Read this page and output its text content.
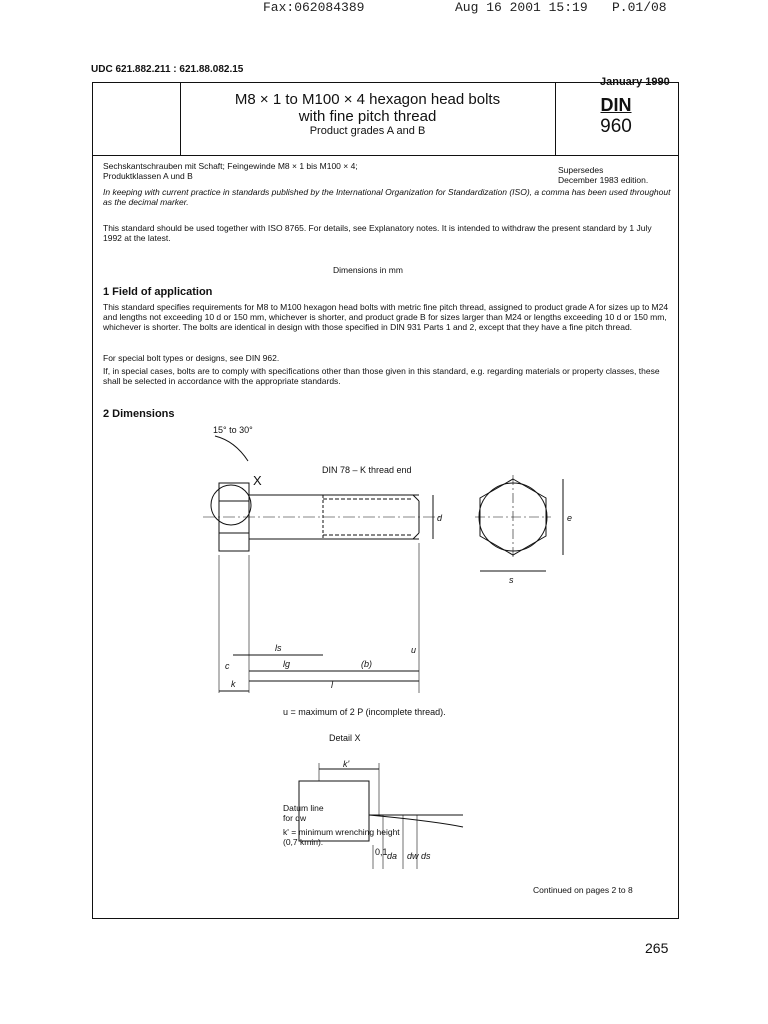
Fax:062084389	Aug 16 2001 15:19 P.01/08
UDC 621.882.211 : 621.88.082.15
January 1990
M8 × 1 to M100 × 4 hexagon head bolts
with fine pitch thread
Product grades A and B
DIN
960
Sechskantschrauben mit Schaft; Feingewinde M8 × 1 bis M100 × 4; Produktklassen A und B
Supersedes
December 1983 edition.
In keeping with current practice in standards published by the International Organization for Standardization (ISO), a comma has been used throughout as the decimal marker.
This standard should be used together with ISO 8765. For details, see Explanatory notes. It is intended to withdraw the present standard by 1 July 1992 at the latest.
Dimensions in mm
1 Field of application
This standard specifies requirements for M8 to M100 hexagon head bolts with metric fine pitch thread, assigned to product grade A for sizes up to M24 and lengths not exceeding 10 d or 150 mm, whichever is shorter, and product grade B for sizes larger than M24 or lengths exceeding 10 d or 150 mm, whichever is shorter. The bolts are identical in design with those specified in DIN 931 Parts 1 and 2, except that they have a fine pitch thread.
For special bolt types or designs, see DIN 962.
If, in special cases, bolts are to comply with specifications other than those given in this standard, e.g. regarding materials or property classes, these shall be selected in accordance with the appropriate standards.
2 Dimensions
15° to 30°
X
DIN 78 – K thread end
c
ls
lg	(b)
l
k
u
d	e
s
u = maximum of 2 P (incomplete thread).
Detail X
k'
0,1 da dw ds
Datum line
for dw
k' = minimum wrenching height
(0,7 kmin).
Continued on pages 2 to 8
265
